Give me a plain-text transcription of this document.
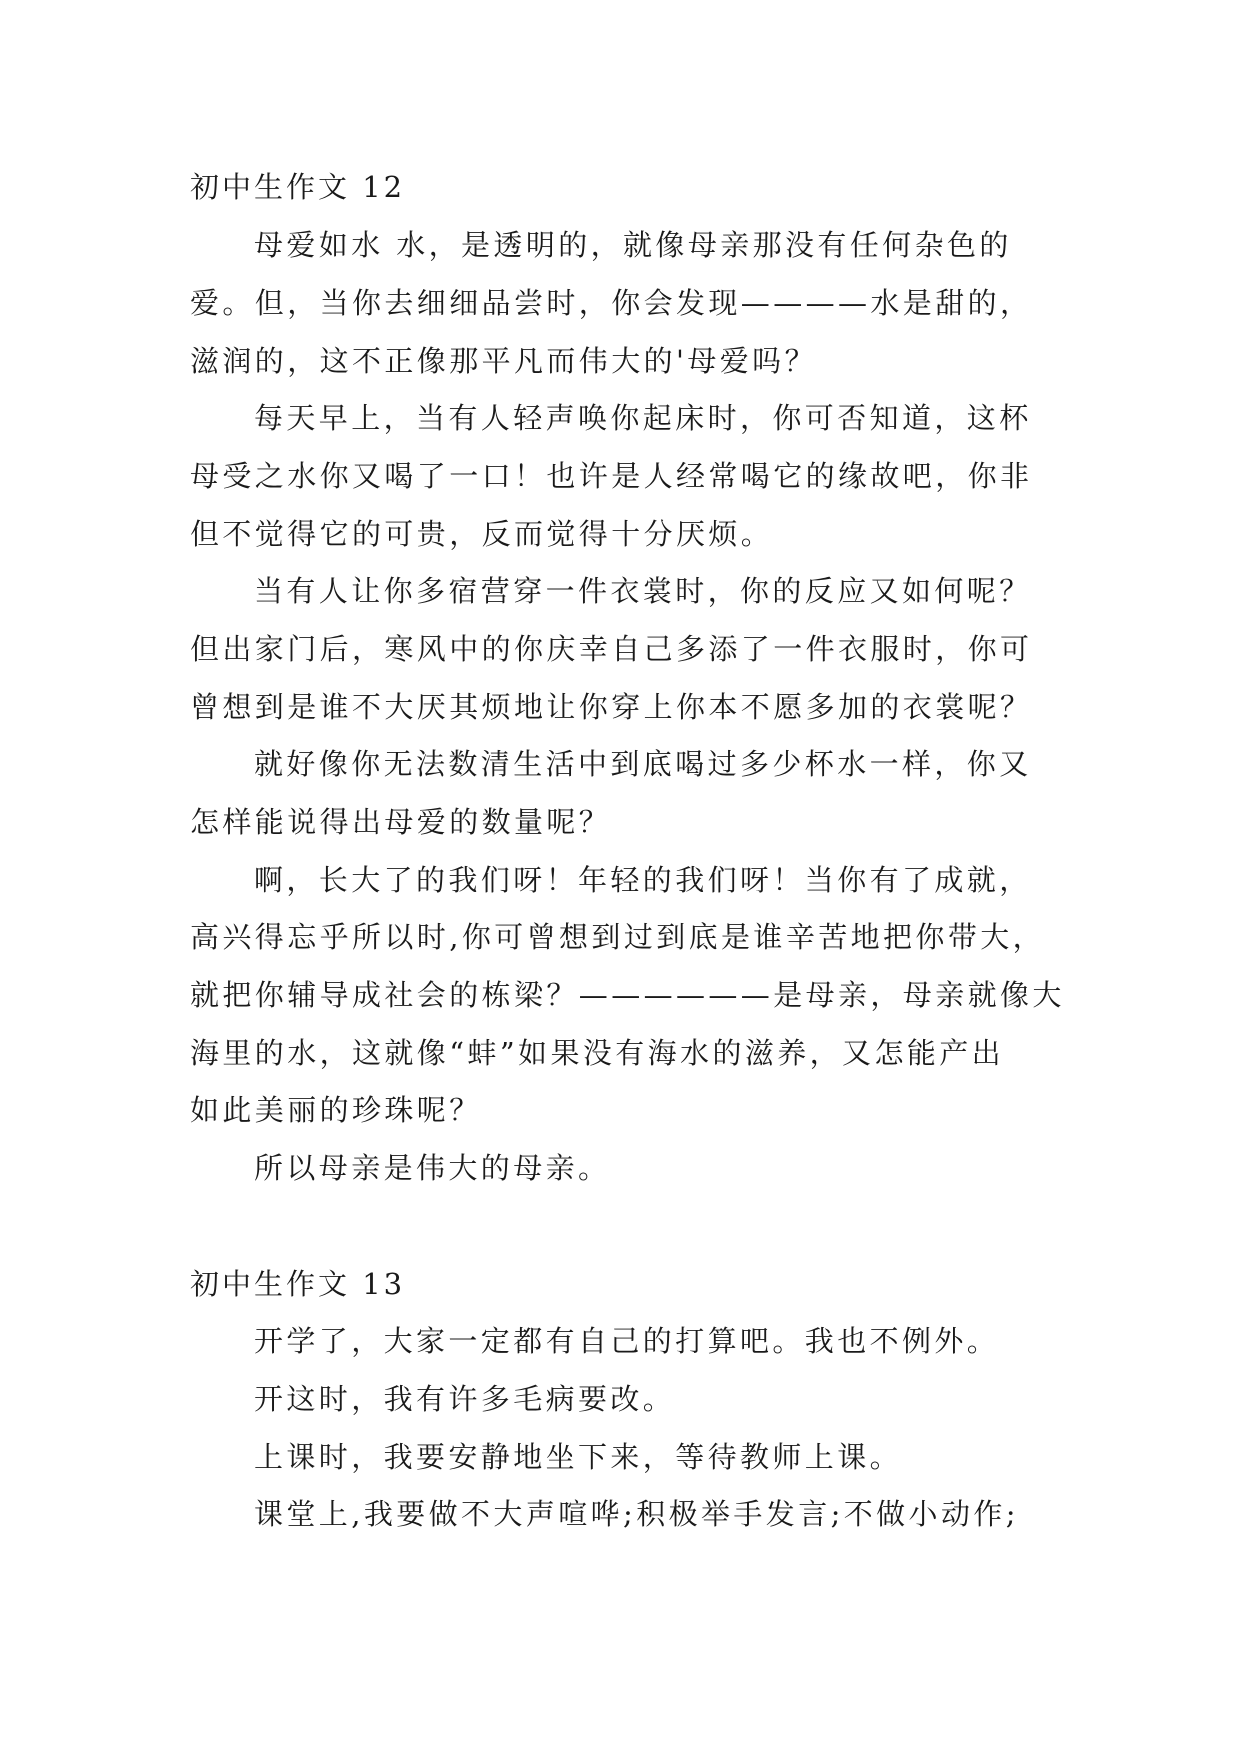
初中生作文 12
母爱如水 水，是透明的，就像母亲那没有任何杂色的
爱。但，当你去细细品尝时，你会发现————水是甜的，
滋润的，这不正像那平凡而伟大的'母爱吗？
每天早上，当有人轻声唤你起床时，你可否知道，这杯
母受之水你又喝了一口！也许是人经常喝它的缘故吧，你非
但不觉得它的可贵，反而觉得十分厌烦。
当有人让你多宿营穿一件衣裳时，你的反应又如何呢？
但出家门后，寒风中的你庆幸自己多添了一件衣服时，你可
曾想到是谁不大厌其烦地让你穿上你本不愿多加的衣裳呢？
就好像你无法数清生活中到底喝过多少杯水一样，你又
怎样能说得出母爱的数量呢？
啊，长大了的我们呀！年轻的我们呀！当你有了成就，
高兴得忘乎所以时,你可曾想到过到底是谁辛苦地把你带大，
就把你辅导成社会的栋梁？——————是母亲，母亲就像大
海里的水，这就像“蚌”如果没有海水的滋养，又怎能产出
如此美丽的珍珠呢？
所以母亲是伟大的母亲。
初中生作文 13
开学了，大家一定都有自己的打算吧。我也不例外。
开这时，我有许多毛病要改。
上课时，我要安静地坐下来，等待教师上课。
课堂上,我要做不大声喧哗;积极举手发言;不做小动作;
